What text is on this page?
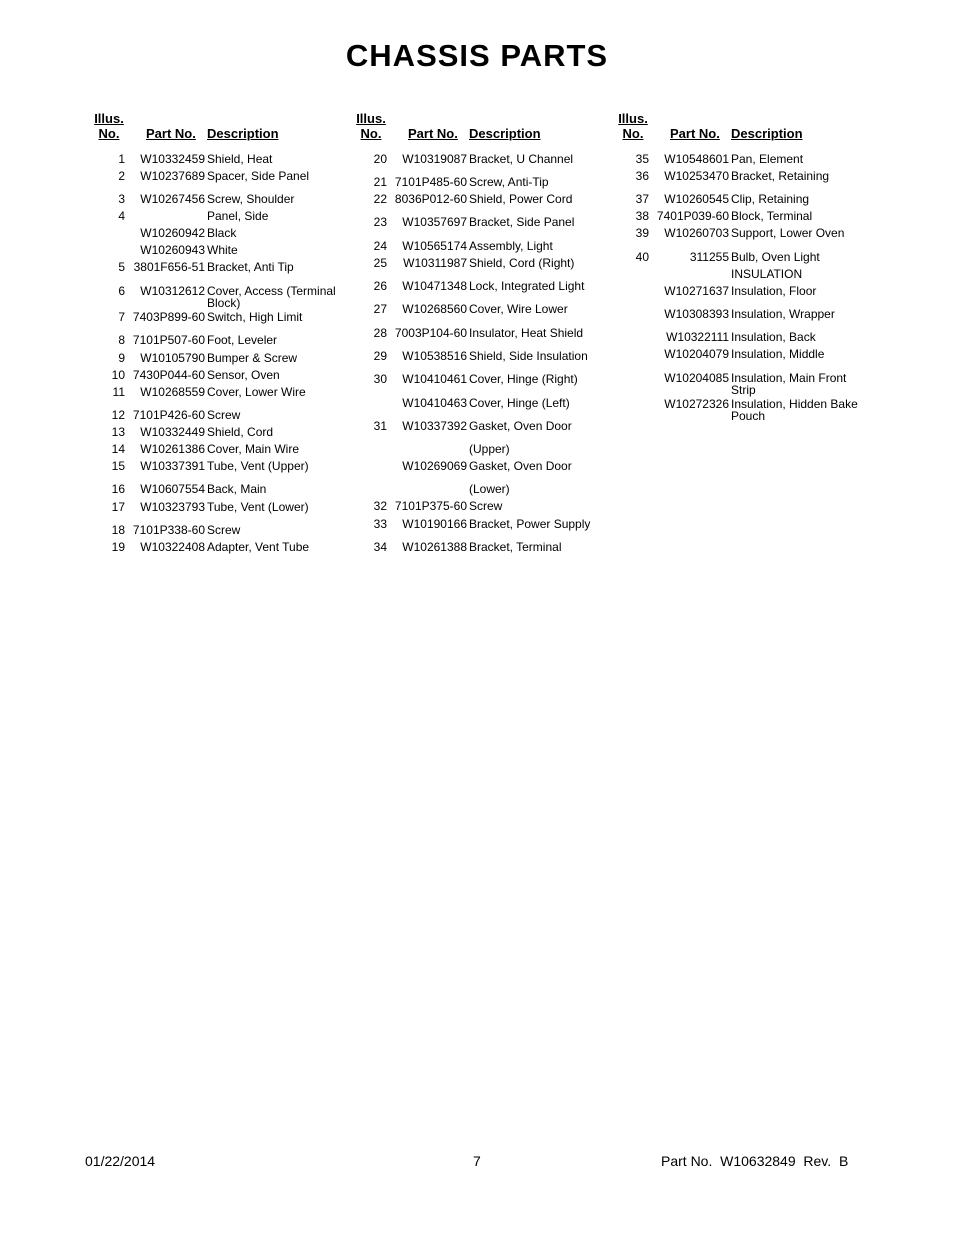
CHASSIS PARTS
Illus.
No.	Part No. Description
1	W10332459 Shield, Heat
2	W10237689 Spacer, Side Panel
3	W10267456 Screw, Shoulder
4	Panel, Side
W10260942 Black
W10260943 White
5 3801F656-51 Bracket, Anti Tip
6	W10312612 Cover, Access (Terminal
Block)
7 7403P899-60 Switch, High Limit
8 7101P507-60 Foot, Leveler
9	W10105790 Bumper & Screw
10 7430P044-60 Sensor, Oven
11	W10268559 Cover, Lower Wire
12 7101P426-60 Screw
13	W10332449 Shield, Cord
14	W10261386 Cover, Main Wire
15	W10337391 Tube, Vent (Upper)
16	W10607554 Back, Main
17	W10323793 Tube, Vent (Lower)
18 7101P338-60 Screw
19	W10322408 Adapter, Vent Tube
Illus.
No.	Part No. Description
20	W10319087 Bracket, U Channel
21 7101P485-60 Screw, Anti-Tip
22 8036P012-60 Shield, Power Cord
23	W10357697 Bracket, Side Panel
24	W10565174 Assembly, Light
25	W10311987 Shield, Cord (Right)
26	W10471348 Lock, Integrated Light
27	W10268560 Cover, Wire Lower
28 7003P104-60 Insulator, Heat Shield
29	W10538516 Shield, Side Insulation
30	W10410461 Cover, Hinge (Right)
W10410463 Cover, Hinge (Left)
31	W10337392 Gasket, Oven Door
(Upper)
W10269069 Gasket, Oven Door
(Lower)
32 7101P375-60 Screw
33	W10190166 Bracket, Power Supply
34	W10261388 Bracket, Terminal
Illus.
No.	Part No. Description
35	W10548601 Pan, Element
36	W10253470 Bracket, Retaining
37	W10260545 Clip, Retaining
38 7401P039-60 Block, Terminal
39	W10260703 Support, Lower Oven
40	311255 Bulb, Oven Light
INSULATION
W10271637 Insulation, Floor
W10308393 Insulation, Wrapper
W10322111 Insulation, Back
W10204079 Insulation, Middle
W10204085 Insulation, Main Front
Strip
W10272326 Insulation, Hidden Bake
Pouch
01/22/2014	7	Part No.  W10632849  Rev.  B
